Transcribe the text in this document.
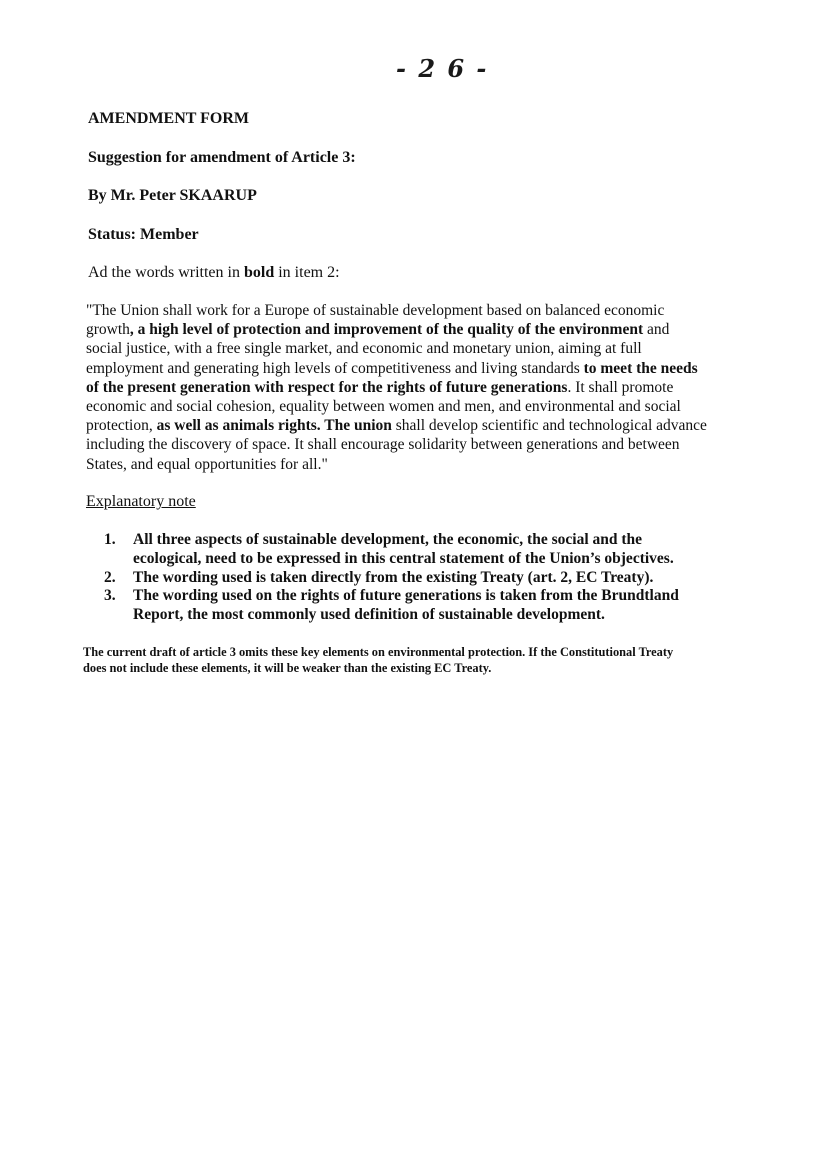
- 2 6 -
AMENDMENT FORM
Suggestion for amendment of Article 3:
By Mr. Peter SKAARUP
Status: Member
Ad the words written in bold in item 2:
"The Union shall work for a Europe of sustainable development based on balanced economic
growth, a high level of protection and improvement of the quality of the environment and
social justice, with a free single market, and economic and monetary union, aiming at full
employment and generating high levels of competitiveness and living standards to meet the needs
of the present generation with respect for the rights of future generations. It shall promote
economic and social cohesion, equality between women and men, and environmental and social
protection, as well as animals rights. The union shall develop scientific and technological advance
including the discovery of space. It shall encourage solidarity between generations and between
States, and equal opportunities for all."
Explanatory note
1. All three aspects of sustainable development, the economic, the social and the
ecological, need to be expressed in this central statement of the Union’s objectives.
2. The wording used is taken directly from the existing Treaty (art. 2, EC Treaty).
3. The wording used on the rights of future generations is taken from the Brundtland
Report, the most commonly used definition of sustainable development.
The current draft of article 3 omits these key elements on environmental protection. If the Constitutional Treaty
does not include these elements, it will be weaker than the existing EC Treaty.
